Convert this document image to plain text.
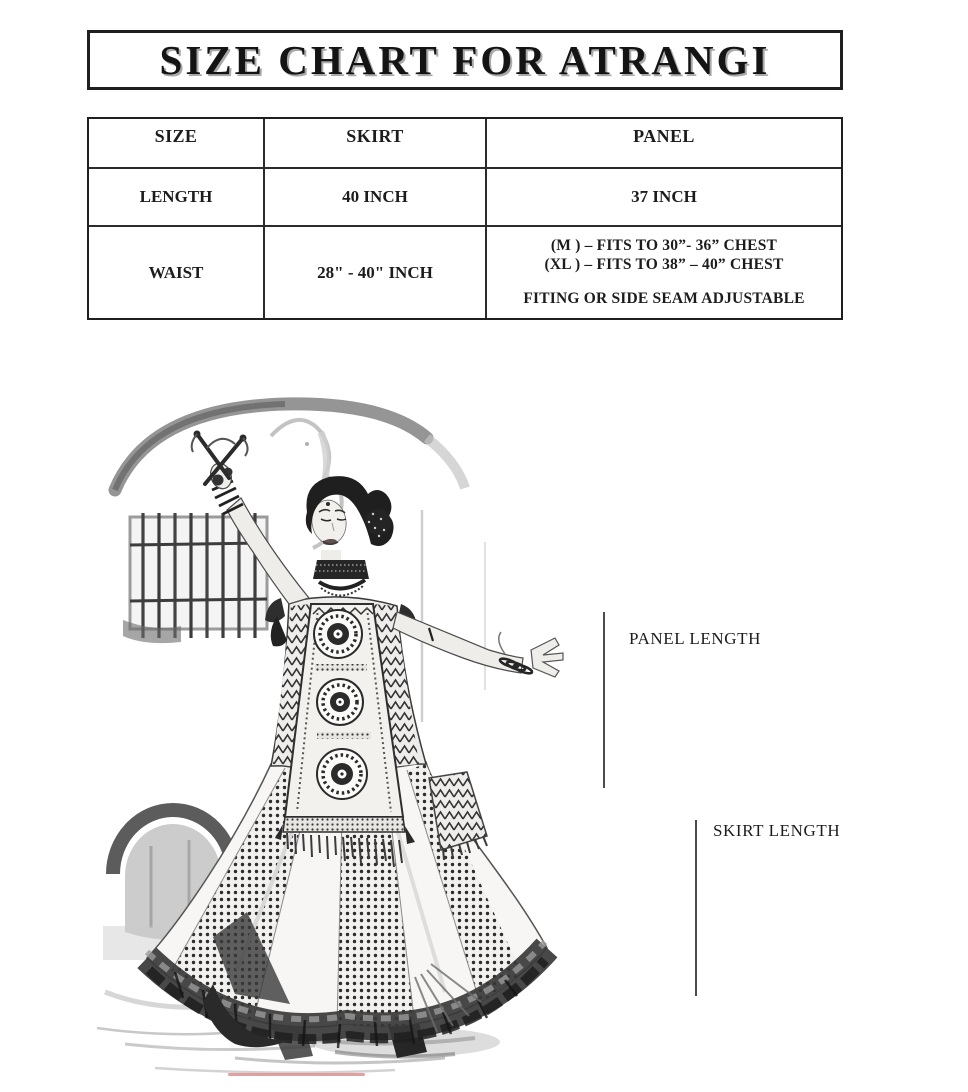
SIZE CHART FOR ATRANGI
SIZE	SKIRT	PANEL
LENGTH	40 INCH	37 INCH
WAIST	28" - 40" INCH
(M ) – FITS TO 30”- 36” CHEST
(XL ) – FITS TO 38” – 40” CHEST
FITING OR SIDE SEAM ADJUSTABLE
PANEL LENGTH
SKIRT LENGTH
